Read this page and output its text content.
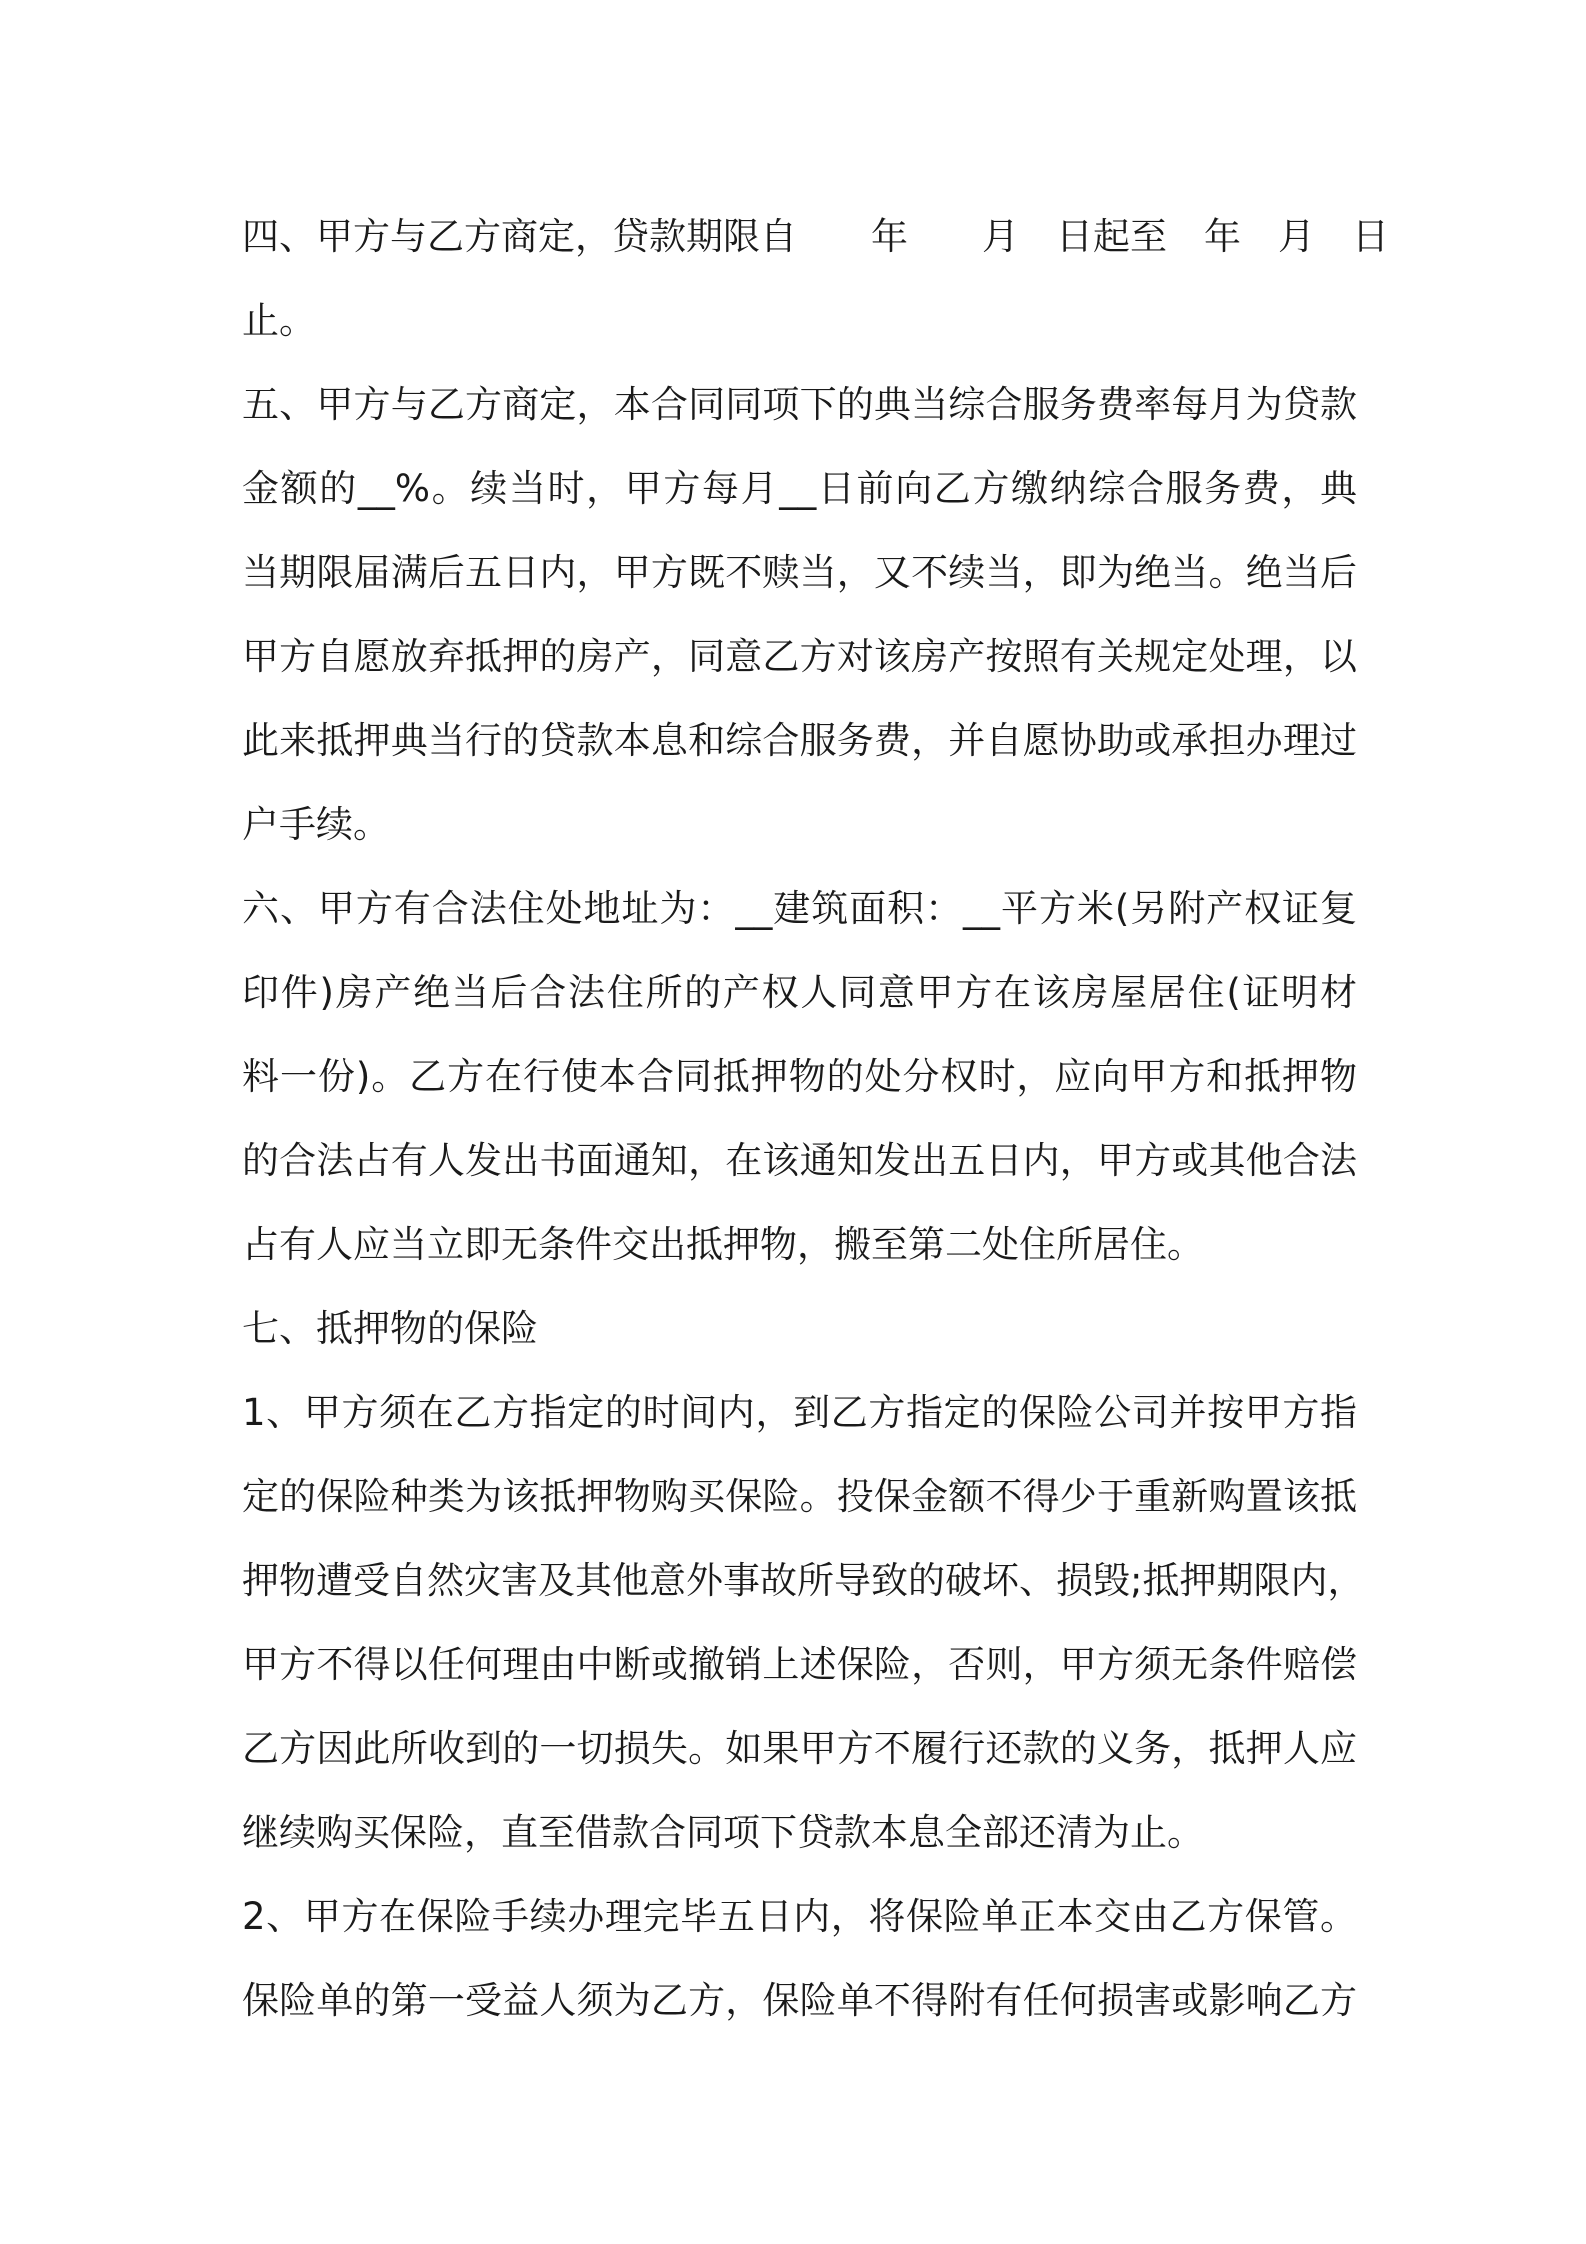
四、甲方与乙方商定，贷款期限自　　年　　月　日起至　年　月　日
止。
五、甲方与乙方商定，本合同同项下的典当综合服务费率每月为贷款
金额的__%。续当时，甲方每月__日前向乙方缴纳综合服务费，典
当期限届满后五日内，甲方既不赎当，又不续当，即为绝当。绝当后
甲方自愿放弃抵押的房产，同意乙方对该房产按照有关规定处理，以
此来抵押典当行的贷款本息和综合服务费，并自愿协助或承担办理过
户手续。
六、甲方有合法住处地址为：__建筑面积：__平方米(另附产权证复
印件)房产绝当后合法住所的产权人同意甲方在该房屋居住(证明材
料一份)。乙方在行使本合同抵押物的处分权时，应向甲方和抵押物
的合法占有人发出书面通知，在该通知发出五日内，甲方或其他合法
占有人应当立即无条件交出抵押物，搬至第二处住所居住。
七、抵押物的保险
1、甲方须在乙方指定的时间内，到乙方指定的保险公司并按甲方指
定的保险种类为该抵押物购买保险。投保金额不得少于重新购置该抵
押物遭受自然灾害及其他意外事故所导致的破坏、损毁;抵押期限内，
甲方不得以任何理由中断或撤销上述保险，否则，甲方须无条件赔偿
乙方因此所收到的一切损失。如果甲方不履行还款的义务，抵押人应
继续购买保险，直至借款合同项下贷款本息全部还清为止。
2、甲方在保险手续办理完毕五日内，将保险单正本交由乙方保管。
保险单的第一受益人须为乙方，保险单不得附有任何损害或影响乙方
